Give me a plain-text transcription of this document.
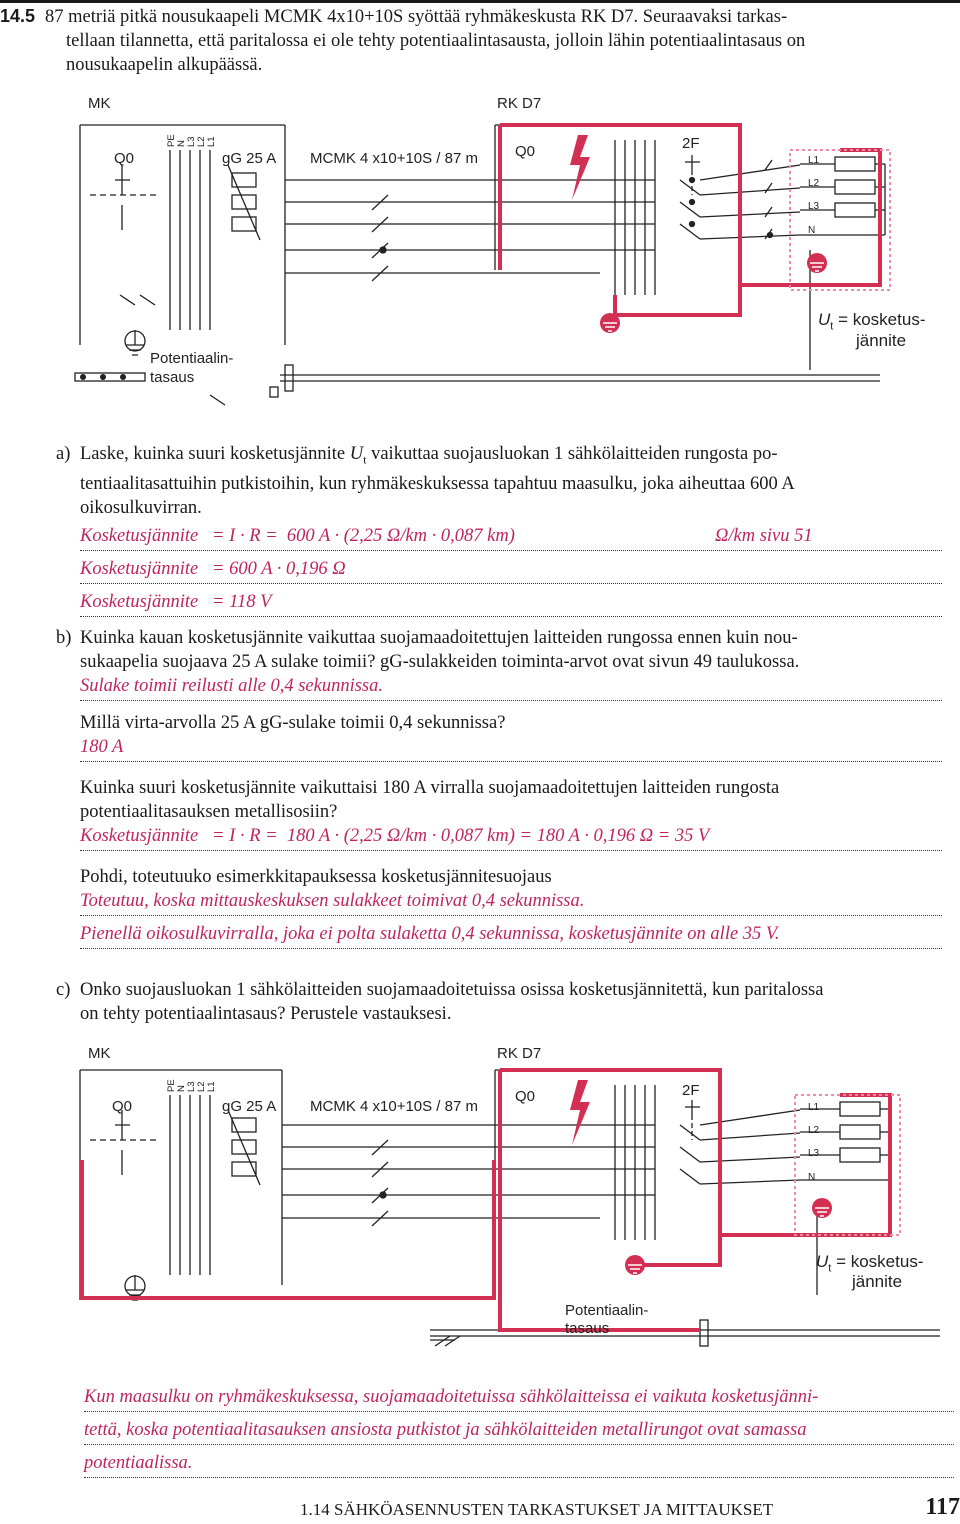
14.5 87 metriä pitkä nousukaapeli MCMK 4x10+10S syöttää ryhmäkeskusta RK D7. Seuraavaksi tarkas-
tellaan tilannetta, että paritalossa ei ole tehty potentiaalintasausta, jolloin lähin potentiaalintasaus on
nousukaapelin alkupäässä.
MK	RK D7
Q0	gG 25 A MCMK 4 x10+10S / 87 m Q0	2F
PE N L3 L2 L1
L1
L2
L3
N
$U_t$ = kosketus-
jännite
Potentiaalin-
tasaus
a) Laske, kuinka suuri kosketusjännite $U_t$ vaikuttaa suojausluokan 1 sähkölaitteiden rungosta po-
tentiaalitasattuihin putkistoihin, kun ryhmäkeskuksessa tapahtuu maasulku, joka aiheuttaa 600 A
oikosulkuvirran.
Kosketusjännite   = I · R =  600 A · (2,25 Ω/km · 0,087 km)	Ω/km sivu 51
Kosketusjännite   = 600 A · 0,196 Ω
Kosketusjännite   = 118 V
b) Kuinka kauan kosketusjännite vaikuttaa suojamaadoitettujen laitteiden rungossa ennen kuin nou-
sukaapelia suojaava 25 A sulake toimii? gG-sulakkeiden toiminta-arvot ovat sivun 49 taulukossa.
Sulake toimii reilusti alle 0,4 sekunnissa.
Millä virta-arvolla 25 A gG-sulake toimii 0,4 sekunnissa?
180 A
Kuinka suuri kosketusjännite vaikuttaisi 180 A virralla suojamaadoitettujen laitteiden rungosta
potentiaalitasauksen metallisosiin?
Kosketusjännite   = I · R =  180 A · (2,25 Ω/km · 0,087 km) = 180 A · 0,196 Ω = 35 V
Pohdi, toteutuuko esimerkkitapauksessa kosketusjännitesuojaus
Toteutuu, koska mittauskeskuksen sulakkeet toimivat 0,4 sekunnissa.
Pienellä oikosulkuvirralla, joka ei polta sulaketta 0,4 sekunnissa, kosketusjännite on alle 35 V.
c) Onko suojausluokan 1 sähkölaitteiden suojamaadoitetuissa osissa kosketusjännitettä, kun paritalossa
on tehty potentiaalintasaus? Perustele vastauksesi.
MK	RK D7
Q0	gG 25 A MCMK 4 x10+10S / 87 m
Q0	2F
PE N L3 L2 L1
L1
L2
L3
N
$U_t$ = kosketus-
jännite
Potentiaalin-
tasaus
Kun maasulku on ryhmäkeskuksessa, suojamaadoitetuissa sähkölaitteissa ei vaikuta kosketusjänni-
tettä, koska potentiaalitasauksen ansiosta putkistot ja sähkölaitteiden metallirungot ovat samassa
potentiaalissa.
1.14 SÄHKÖASENNUSTEN TARKASTUKSET JA MITTAUKSET	117
